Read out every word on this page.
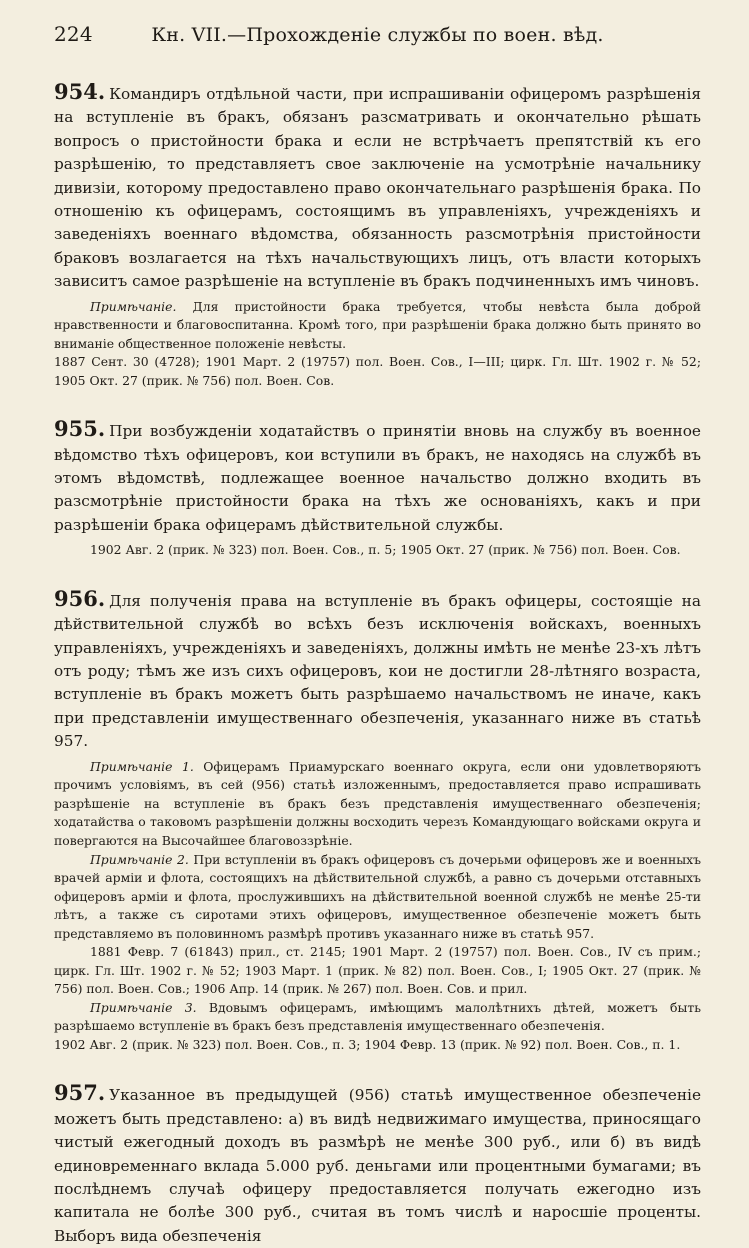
224	Кн. VII.—Прохожденіе службы по воен. вѣд.

954. Командиръ отдѣльной части, при испрашиваніи офицеромъ разрѣшенія на вступленіе въ бракъ, обязанъ разсматривать и окончательно рѣшать вопросъ о пристойности брака и если не встрѣчаетъ препятствій къ его разрѣшенію, то представляетъ свое заключеніе на усмотрѣніе начальнику дивизіи, которому предоставлено право окончательнаго разрѣшенія брака. По отношенію къ офицерамъ, состоящимъ въ управленіяхъ, учрежденіяхъ и заведеніяхъ военнаго вѣдомства, обязанность разсмотрѣнія пристойности браковъ возлагается на тѣхъ начальствующихъ лицъ, отъ власти которыхъ зависитъ самое разрѣшеніе на вступленіе въ бракъ подчиненныхъ имъ чиновъ.

Примѣчаніе. Для пристойности брака требуется, чтобы невѣста была доброй нравственности и благовоспитанна. Кромѣ того, при разрѣшеніи брака должно быть принято во вниманіе общественное положеніе невѣсты.

1887 Сент. 30 (4728); 1901 Март. 2 (19757) пол. Воен. Сов., I—III; цирк. Гл. Шт. 1902 г. № 52; 1905 Окт. 27 (прик. № 756) пол. Воен. Сов.

955. При возбужденіи ходатайствъ о принятіи вновь на службу въ военное вѣдомство тѣхъ офицеровъ, кои вступили въ бракъ, не находясь на службѣ въ этомъ вѣдомствѣ, подлежащее военное начальство должно входить въ разсмотрѣніе пристойности брака на тѣхъ же основаніяхъ, какъ и при разрѣшеніи брака офицерамъ дѣйствительной службы.

1902 Авг. 2 (прик. № 323) пол. Воен. Сов., п. 5; 1905 Окт. 27 (прик. № 756) пол. Воен. Сов.

956. Для полученія права на вступленіе въ бракъ офицеры, состоящіе на дѣйствительной службѣ во всѣхъ безъ исключенія войскахъ, военныхъ управленіяхъ, учрежденіяхъ и заведеніяхъ, должны имѣть не менѣе 23-хъ лѣтъ отъ роду; тѣмъ же изъ сихъ офицеровъ, кои не достигли 28-лѣтняго возраста, вступленіе въ бракъ можетъ быть разрѣшаемо начальствомъ не иначе, какъ при представленіи имущественнаго обезпеченія, указаннаго ниже въ статьѣ 957.

Примѣчаніе 1. Офицерамъ Приамурскаго военнаго округа, если они удовлетворяютъ прочимъ условіямъ, въ сей (956) статьѣ изложеннымъ, предоставляется право испрашивать разрѣшеніе на вступленіе въ бракъ безъ представленія имущественнаго обезпеченія; ходатайства о таковомъ разрѣшеніи должны восходить черезъ Командующаго войсками округа и повергаются на Высочайшее благовоззрѣніе.

Примѣчаніе 2. При вступленіи въ бракъ офицеровъ съ дочерьми офицеровъ же и военныхъ врачей арміи и флота, состоящихъ на дѣйствительной службѣ, а равно съ дочерьми отставныхъ офицеровъ арміи и флота, прослужившихъ на дѣйствительной военной службѣ не менѣе 25-ти лѣтъ, а также съ сиротами этихъ офицеровъ, имущественное обезпеченіе можетъ быть представляемо въ половинномъ размѣрѣ противъ указаннаго ниже въ статьѣ 957.

1881 Февр. 7 (61843) прил., ст. 2145; 1901 Март. 2 (19757) пол. Воен. Сов., IV съ прим.; цирк. Гл. Шт. 1902 г. № 52; 1903 Март. 1 (прик. № 82) пол. Воен. Сов., I; 1905 Окт. 27 (прик. № 756) пол. Воен. Сов.; 1906 Апр. 14 (прик. № 267) пол. Воен. Сов. и прил.

Примѣчаніе 3. Вдовымъ офицерамъ, имѣющимъ малолѣтнихъ дѣтей, можетъ быть разрѣшаемо вступленіе въ бракъ безъ представленія имущественнаго обезпеченія.

1902 Авг. 2 (прик. № 323) пол. Воен. Сов., п. 3; 1904 Февр. 13 (прик. № 92) пол. Воен. Сов., п. 1.

957. Указанное въ предыдущей (956) статьѣ имущественное обезпеченіе можетъ быть представлено: а) въ видѣ недвижимаго имущества, приносящаго чистый ежегодный доходъ въ размѣрѣ не менѣе 300 руб., или б) въ видѣ единовременнаго вклада 5.000 руб. деньгами или процентными бумагами; въ послѣднемъ случаѣ офицеру предоставляется получать ежегодно изъ капитала не болѣе 300 руб., считая въ томъ числѣ и наросшіе проценты. Выборъ вида обезпеченія
